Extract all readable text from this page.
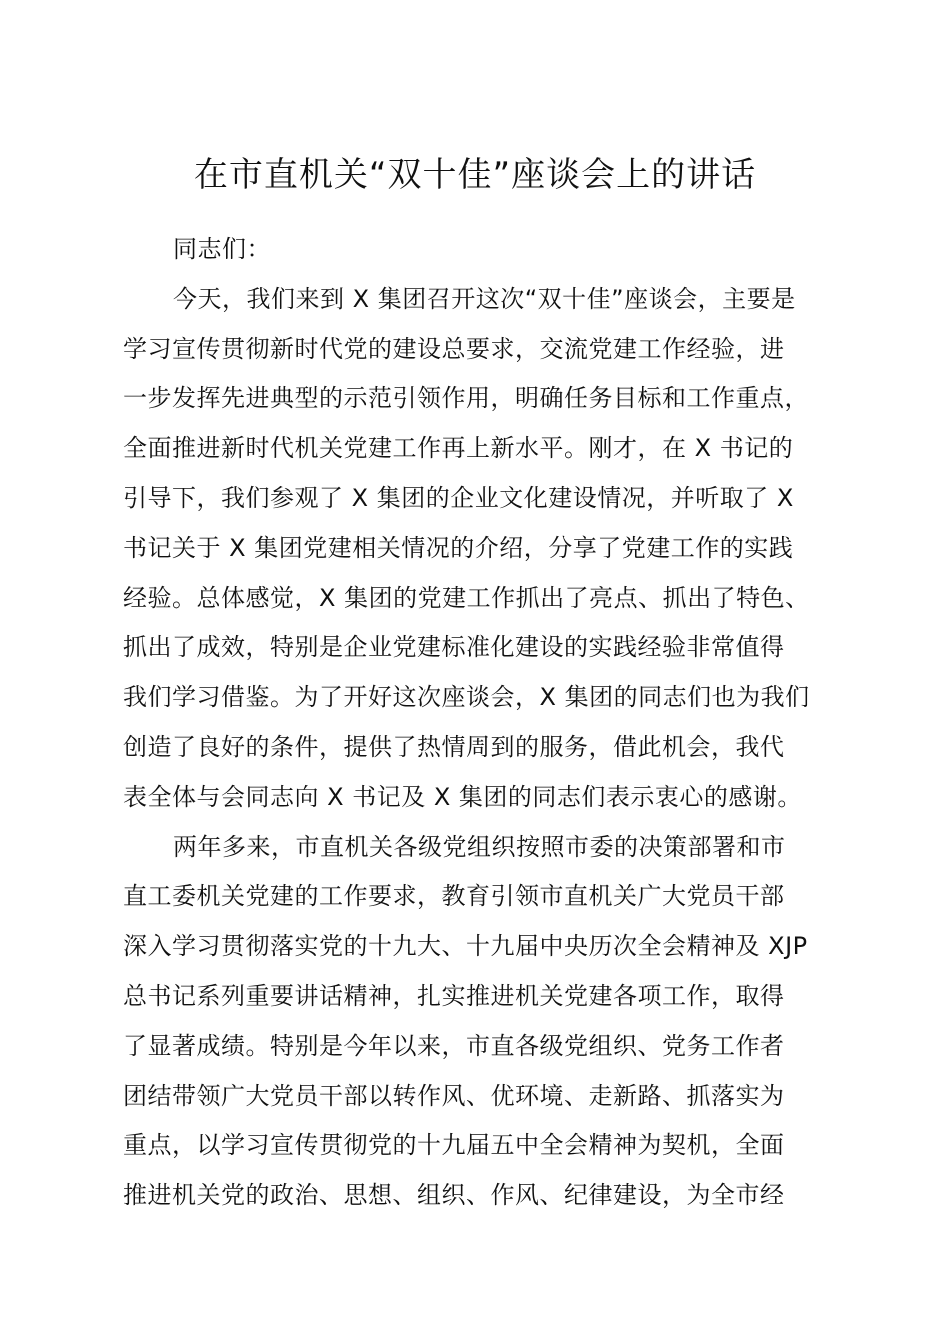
在市直机关“双十佳”座谈会上的讲话
同志们：
今天，我们来到 X 集团召开这次“双十佳”座谈会，主要是
学习宣传贯彻新时代党的建设总要求，交流党建工作经验，进
一步发挥先进典型的示范引领作用，明确任务目标和工作重点，
全面推进新时代机关党建工作再上新水平。刚才，在 X 书记的
引导下，我们参观了 X 集团的企业文化建设情况，并听取了 X
书记关于 X 集团党建相关情况的介绍，分享了党建工作的实践
经验。总体感觉，X 集团的党建工作抓出了亮点、抓出了特色、
抓出了成效，特别是企业党建标准化建设的实践经验非常值得
我们学习借鉴。为了开好这次座谈会，X 集团的同志们也为我们
创造了良好的条件，提供了热情周到的服务，借此机会，我代
表全体与会同志向 X 书记及 X 集团的同志们表示衷心的感谢。
两年多来，市直机关各级党组织按照市委的决策部署和市
直工委机关党建的工作要求，教育引领市直机关广大党员干部
深入学习贯彻落实党的十九大、十九届中央历次全会精神及 XJP
总书记系列重要讲话精神，扎实推进机关党建各项工作，取得
了显著成绩。特别是今年以来，市直各级党组织、党务工作者
团结带领广大党员干部以转作风、优环境、走新路、抓落实为
重点，以学习宣传贯彻党的十九届五中全会精神为契机，全面
推进机关党的政治、思想、组织、作风、纪律建设，为全市经
